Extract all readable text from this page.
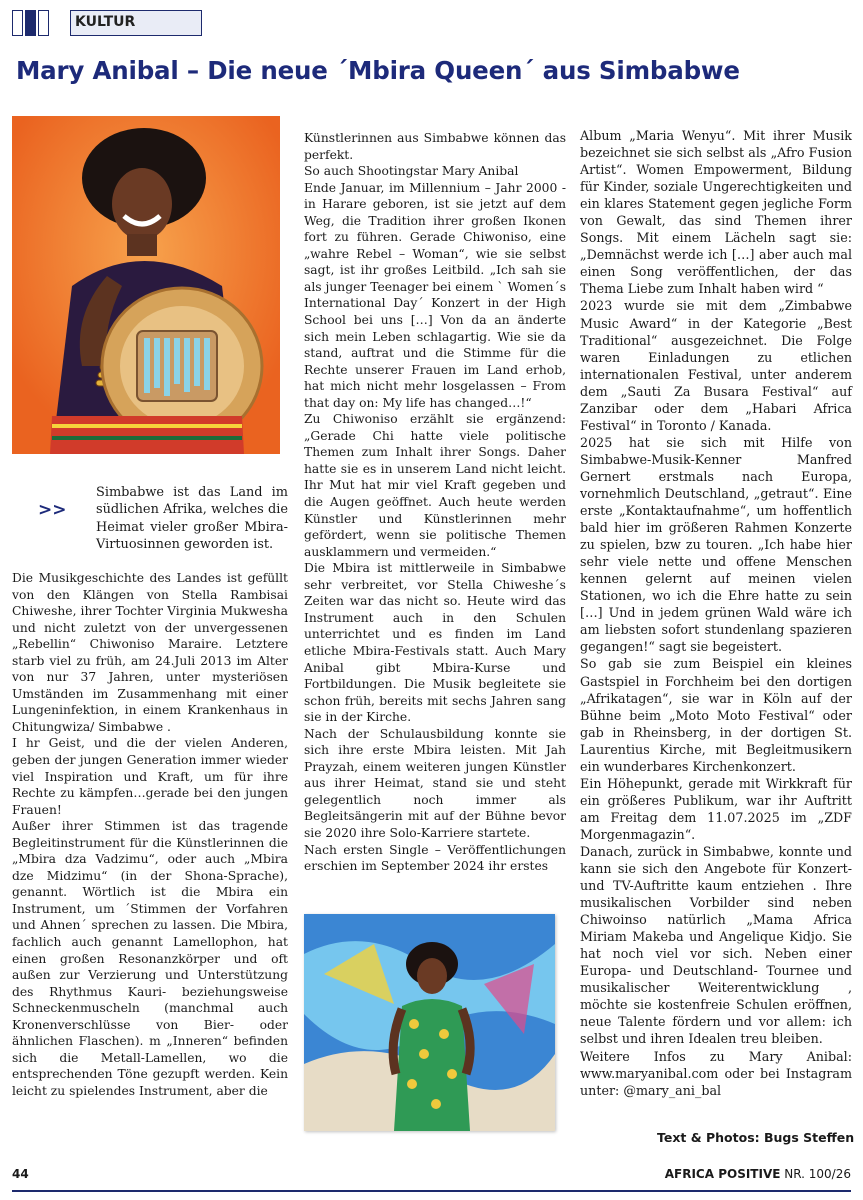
KULTUR
Mary Anibal – Die neue ´Mbira Queen´ aus Simbabwe
>>
Simbabwe ist das Land im südlichen Afrika, welches die Heimat vieler großer Mbira-Virtuosinnen geworden ist.

Die Musikgeschichte des Landes ist gefüllt von den Klängen von Stella Rambisai Chiweshe, ihrer Tochter Virginia Mukwesha und nicht zuletzt von der unvergessenen „Rebellin“ Chiwoniso Maraire. Letztere starb viel zu früh, am 24.Juli 2013 im Alter von nur 37 Jahren, unter mysteriösen Umständen im Zusammenhang mit einer Lungeninfektion, in einem Krankenhaus in Chitungwiza/ Simbabwe .

I hr Geist, und die der vielen Anderen, geben der jungen Generation immer wieder viel Inspiration und Kraft, um für ihre Rechte zu kämpfen…gerade bei den jungen Frauen!

Außer ihrer Stimmen ist das tragende Begleitinstrument für die Künstlerinnen die „Mbira dza Vadzimu“, oder auch „Mbira dze Midzimu“ (in der Shona-Sprache), genannt. Wörtlich ist die Mbira ein Instrument, um ´Stimmen der Vorfahren und Ahnen´ sprechen zu lassen. Die Mbira, fachlich auch genannt Lamellophon, hat einen großen Resonanzkörper und oft außen zur Verzierung und Unterstützung des Rhythmus Kauri- beziehungsweise Schneckenmuscheln (manchmal auch Kronenverschlüsse von Bier- oder ähnlichen Flaschen). m „Inneren“ befinden sich die Metall-Lamellen, wo die entsprechenden Töne gezupft werden. Kein leicht zu spielendes Instrument, aber die

Künstlerinnen aus Simbabwe können das perfekt.

So auch Shootingstar Mary Anibal

Ende Januar, im Millennium – Jahr 2000 - in Harare geboren, ist sie jetzt auf dem Weg, die Tradition ihrer großen Ikonen fort zu führen. Gerade Chiwoniso, eine „wahre Rebel – Woman“, wie sie selbst sagt, ist ihr großes Leitbild. „Ich sah sie als junger Teenager bei einem ` Women´s International Day´ Konzert in der High School bei uns […] Von da an änderte sich mein Leben schlagartig. Wie sie da stand, auftrat und die Stimme für die Rechte unserer Frauen im Land erhob, hat mich nicht mehr losgelassen – From that day on: My life has changed…!“

Zu Chiwoniso erzählt sie ergänzend: „Gerade Chi hatte viele politische Themen zum Inhalt ihrer Songs. Daher hatte sie es in unserem Land nicht leicht. Ihr Mut hat mir viel Kraft gegeben und die Augen geöffnet. Auch heute werden Künstler und Künstlerinnen mehr gefördert, wenn sie politische Themen ausklammern und vermeiden.“

Die Mbira ist mittlerweile in Simbabwe sehr verbreitet, vor Stella Chiweshe´s Zeiten war das nicht so. Heute wird das Instrument auch in den Schulen unterrichtet und es finden im Land etliche Mbira-Festivals statt. Auch Mary Anibal gibt Mbira-Kurse und Fortbildungen. Die Musik begleitete sie schon früh, bereits mit sechs Jahren sang sie in der Kirche.

Nach der Schulausbildung konnte sie sich ihre erste Mbira leisten. Mit Jah Prayzah, einem weiteren jungen Künstler aus ihrer Heimat, stand sie und steht gelegentlich noch immer als Begleitsängerin mit auf der Bühne bevor sie 2020 ihre Solo-Karriere startete.

Nach ersten Single – Veröffentlichungen erschien im September 2024 ihr erstes

Album „Maria Wenyu“. Mit ihrer Musik bezeichnet sie sich selbst als „Afro Fusion Artist“. Women Empowerment, Bildung für Kinder, soziale Ungerechtigkeiten und ein klares Statement gegen jegliche Form von Gewalt, das sind Themen ihrer Songs. Mit einem Lächeln sagt sie: „Demnächst werde ich […] aber auch mal einen Song veröffentlichen, der das Thema Liebe zum Inhalt haben wird “

2023 wurde sie mit dem „Zimbabwe Music Award“ in der Kategorie „Best Traditional“ ausgezeichnet. Die Folge waren Einladungen zu etlichen internationalen Festival, unter anderem dem „Sauti Za Busara Festival“ auf Zanzibar oder dem „Habari Africa Festival“ in Toronto / Kanada.

2025 hat sie sich mit Hilfe von Simbabwe-Musik-Kenner Manfred Gernert erstmals nach Europa, vornehmlich Deutschland, „getraut“. Eine erste „Kontaktaufnahme“, um hoffentlich bald hier im größeren Rahmen Konzerte zu spielen, bzw zu touren. „Ich habe hier sehr viele nette und offene Menschen kennen gelernt auf meinen vielen Stationen, wo ich die Ehre hatte zu sein […] Und in jedem grünen Wald wäre ich am liebsten sofort stundenlang spazieren gegangen!“ sagt sie begeistert.

So gab sie zum Beispiel ein kleines Gastspiel in Forchheim bei den dortigen „Afrikatagen“, sie war in Köln auf der Bühne beim „Moto Moto Festival“ oder gab in Rheinsberg, in der dortigen St. Laurentius Kirche, mit Begleitmusikern ein wunderbares Kirchenkonzert.

Ein Höhepunkt, gerade mit Wirkkraft für ein größeres Publikum, war ihr Auftritt am Freitag dem 11.07.2025 im „ZDF Morgenmagazin“.

Danach, zurück in Simbabwe, konnte und kann sie sich den Angebote für Konzert- und TV-Auftritte kaum entziehen . Ihre musikalischen Vorbilder sind neben Chiwoinso natürlich „Mama Africa Miriam Makeba und Angelique Kidjo. Sie hat noch viel vor sich. Neben einer Europa- und Deutschland- Tournee und musikalischer Weiterentwicklung , möchte sie kostenfreie Schulen eröffnen, neue Talente fördern und vor allem: ich selbst und ihren Idealen treu bleiben.

Weitere Infos zu Mary Anibal: www.maryanibal.com oder bei Instagram unter: @mary_ani_bal

Text & Photos: Bugs Steffen
44	AFRICA POSITIVE NR. 100/26
